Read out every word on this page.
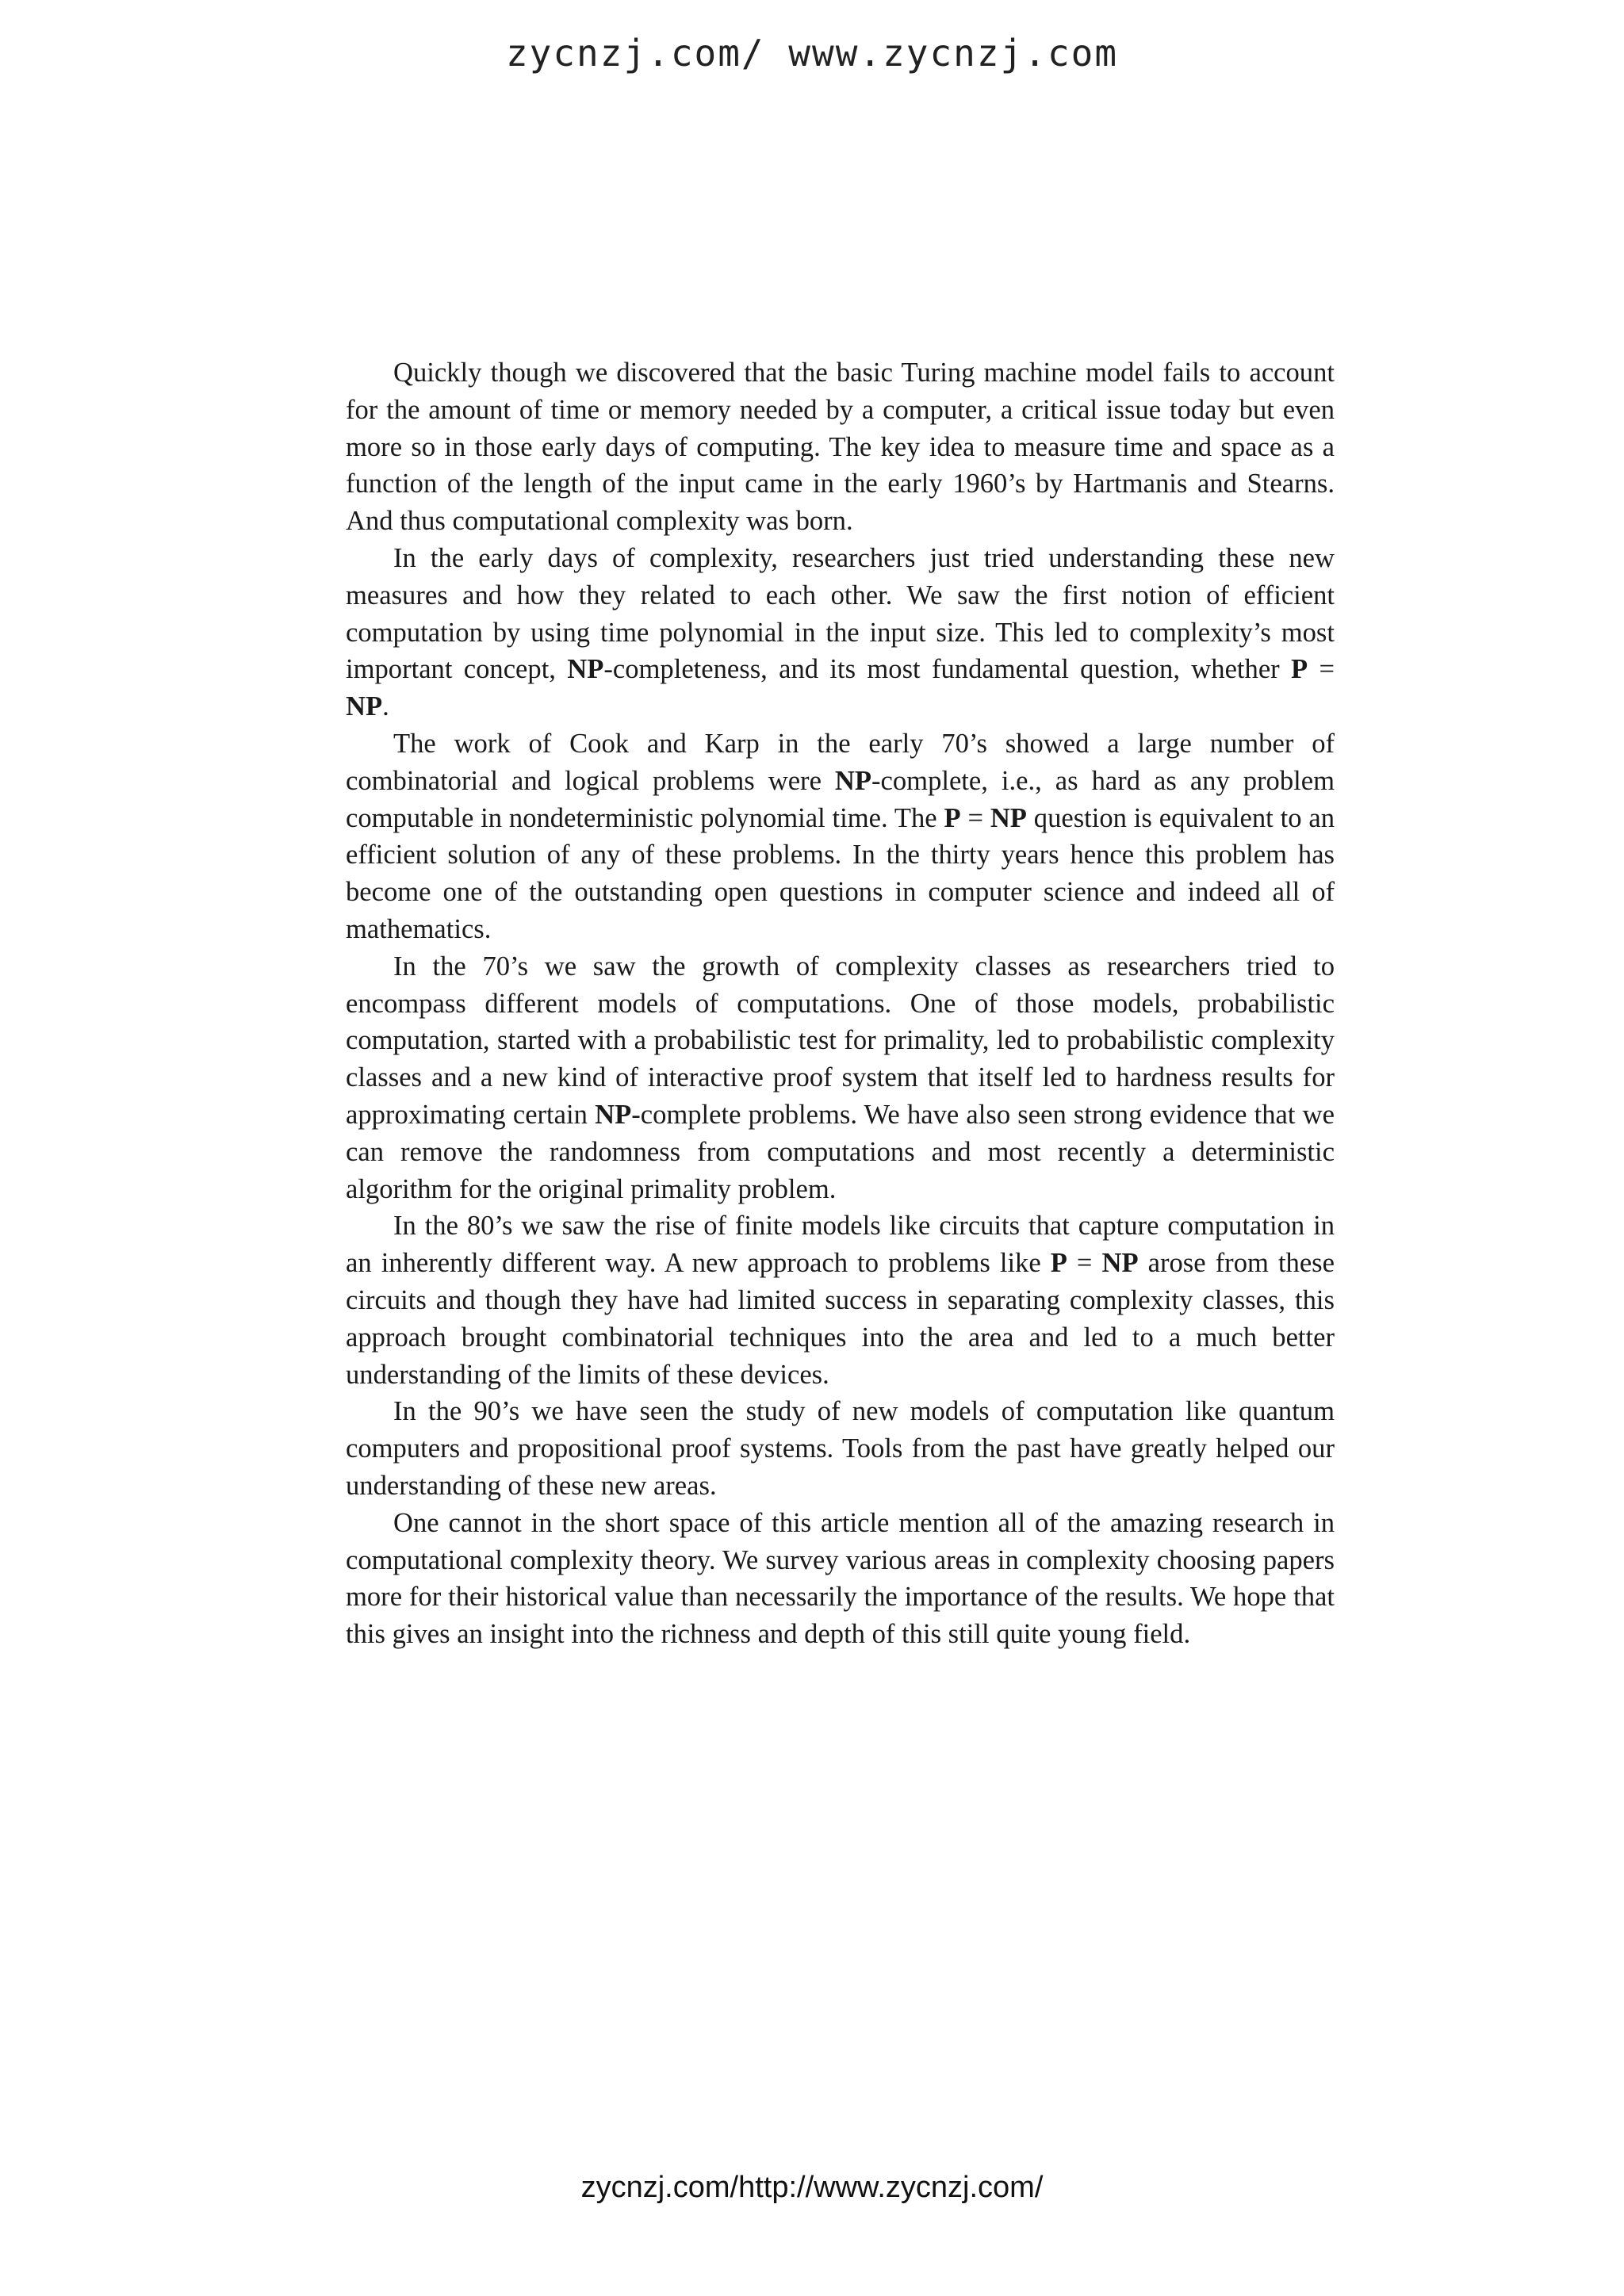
zycnzj.com/ www.zycnzj.com

Quickly though we discovered that the basic Turing machine model fails to account for the amount of time or memory needed by a computer, a critical issue today but even more so in those early days of computing. The key idea to measure time and space as a function of the length of the input came in the early 1960’s by Hartmanis and Stearns. And thus computational complexity was born.

In the early days of complexity, researchers just tried understanding these new measures and how they related to each other. We saw the first notion of efficient computation by using time polynomial in the input size. This led to complexity’s most important concept, NP-completeness, and its most fundamental question, whether P = NP.

The work of Cook and Karp in the early 70’s showed a large number of combinatorial and logical problems were NP-complete, i.e., as hard as any problem computable in nondeterministic polynomial time. The P = NP question is equivalent to an efficient solution of any of these problems. In the thirty years hence this problem has become one of the outstanding open questions in computer science and indeed all of mathematics.

In the 70’s we saw the growth of complexity classes as researchers tried to encompass different models of computations. One of those models, probabilistic computation, started with a probabilistic test for primality, led to probabilistic complexity classes and a new kind of interactive proof system that itself led to hardness results for approximating certain NP-complete problems. We have also seen strong evidence that we can remove the randomness from computations and most recently a deterministic algorithm for the original primality problem.

In the 80’s we saw the rise of finite models like circuits that capture computation in an inherently different way. A new approach to problems like P = NP arose from these circuits and though they have had limited success in separating complexity classes, this approach brought combinatorial techniques into the area and led to a much better understanding of the limits of these devices.

In the 90’s we have seen the study of new models of computation like quantum computers and propositional proof systems. Tools from the past have greatly helped our understanding of these new areas.

One cannot in the short space of this article mention all of the amazing research in computational complexity theory. We survey various areas in complexity choosing papers more for their historical value than necessarily the importance of the results. We hope that this gives an insight into the richness and depth of this still quite young field.

zycnzj.com/http://www.zycnzj.com/
